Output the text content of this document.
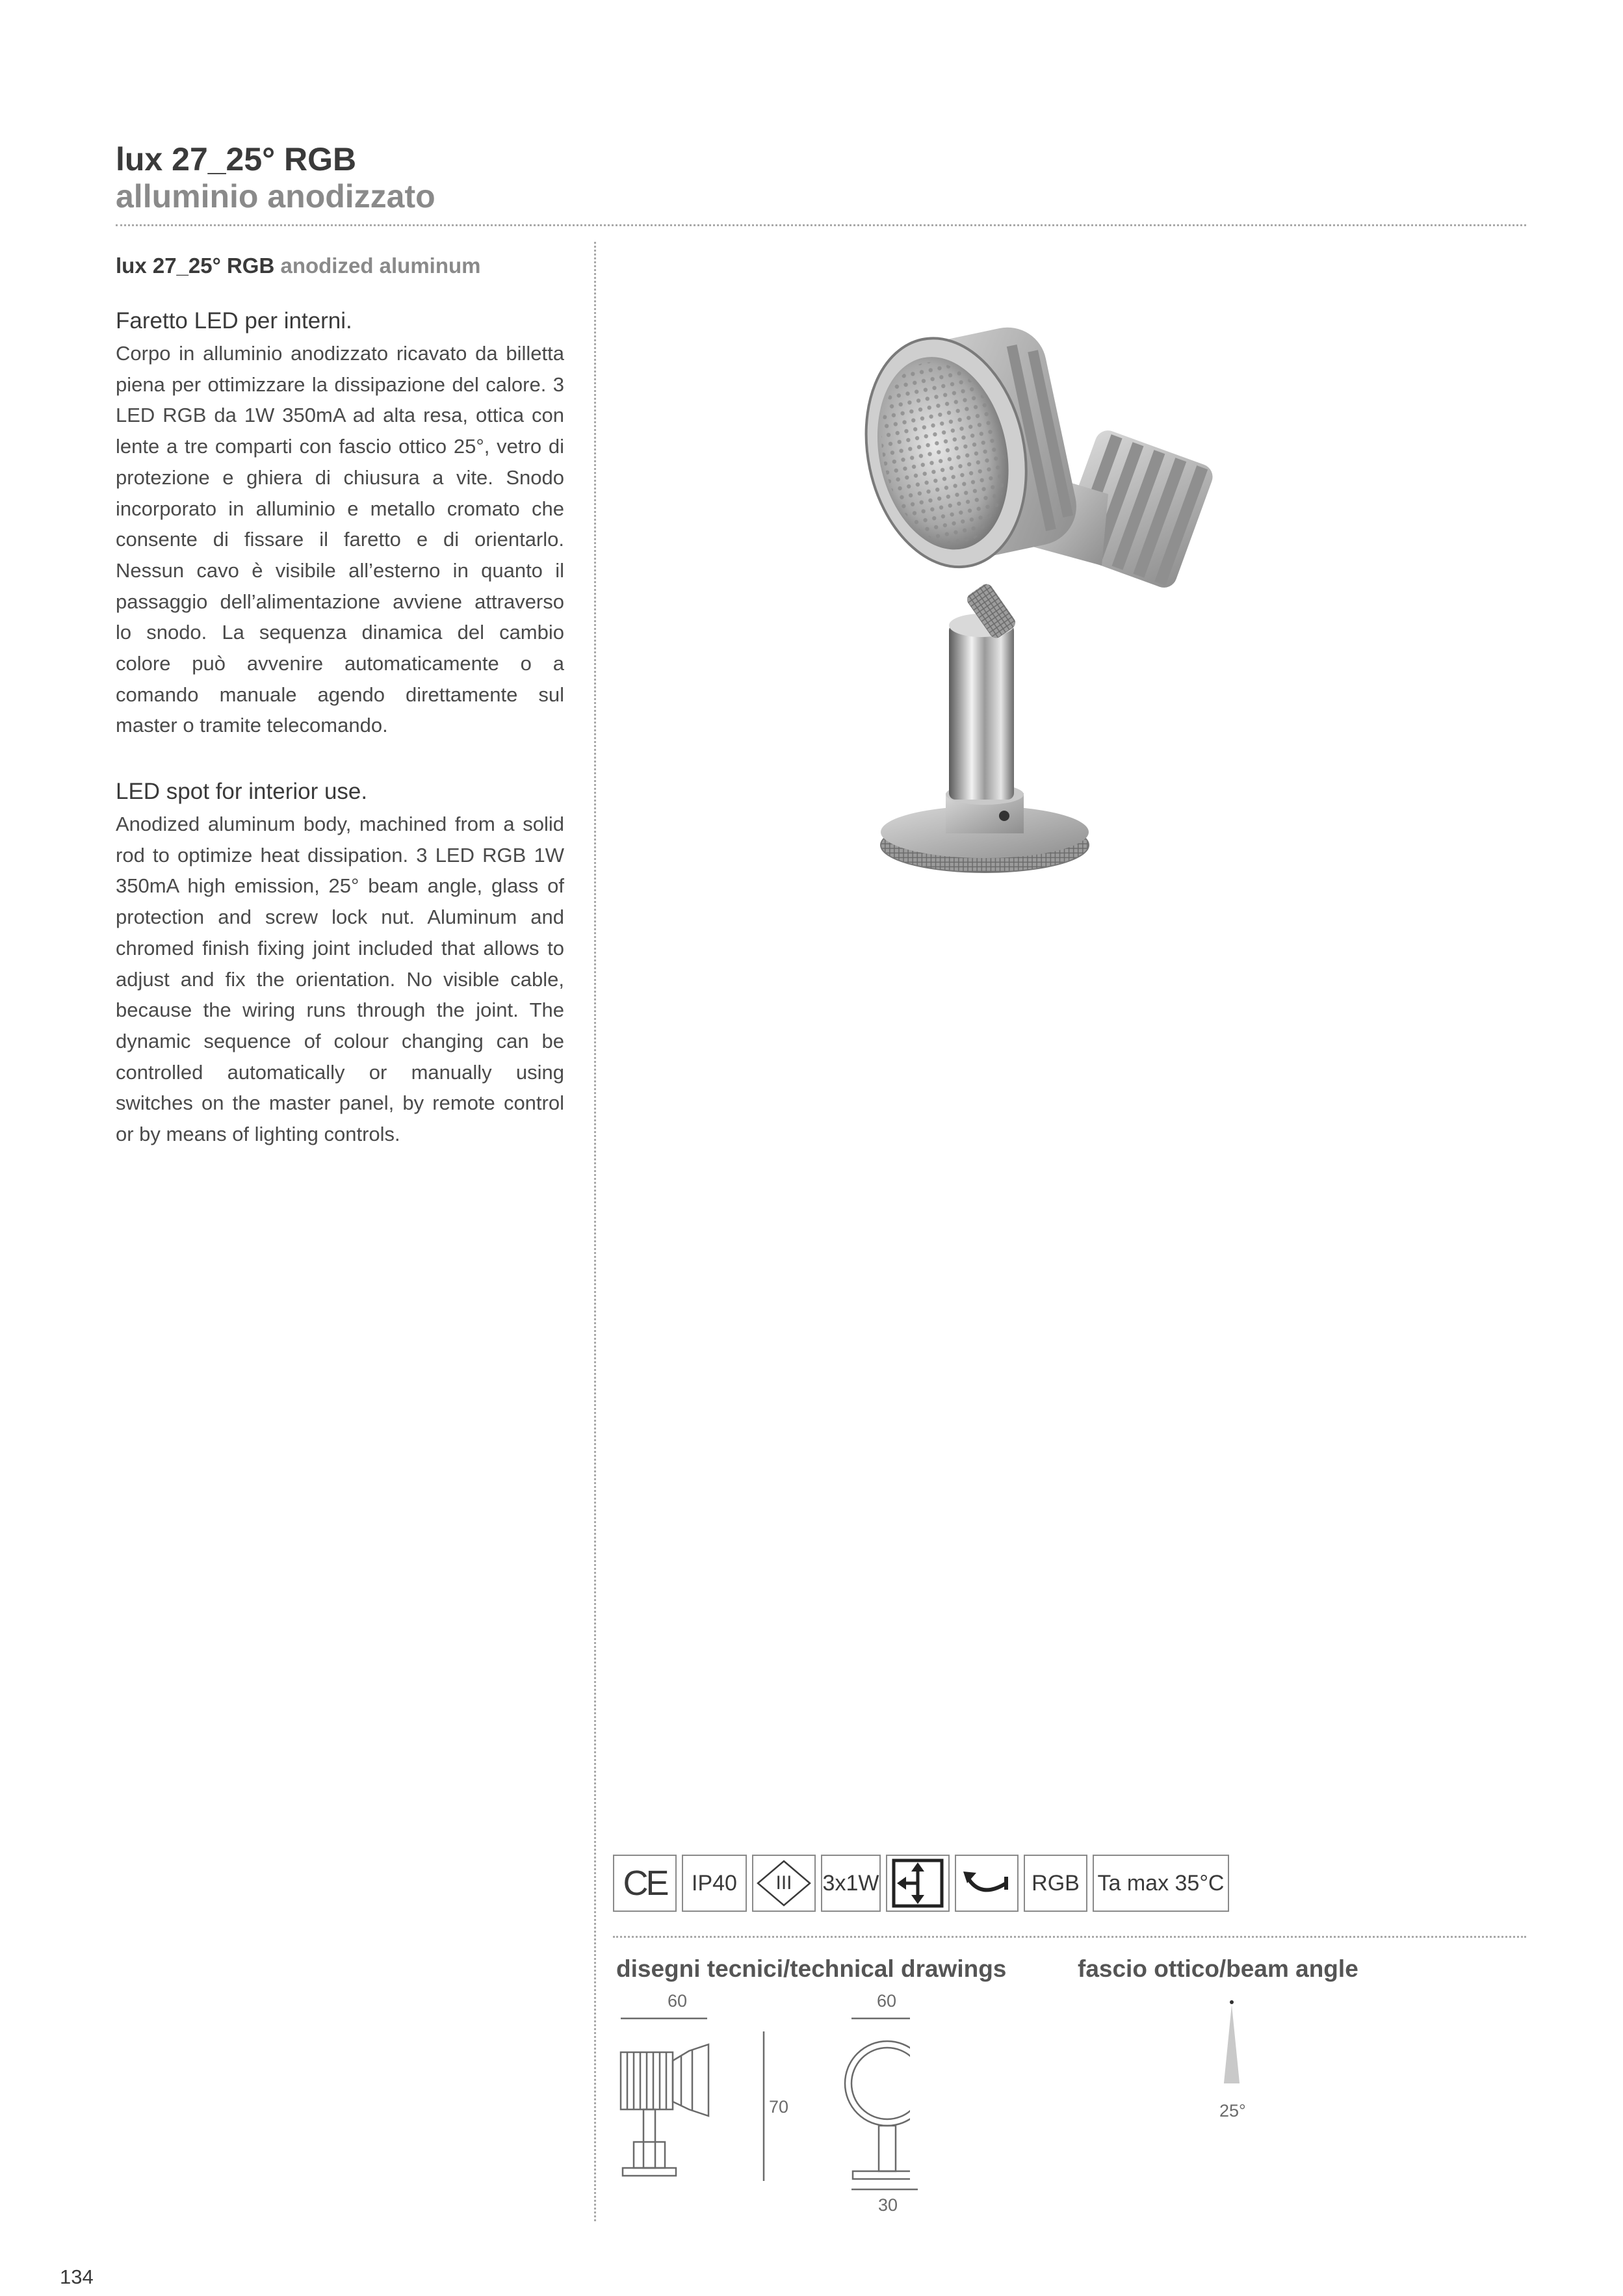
lux 27_25° RGB
alluminio anodizzato
lux 27_25° RGB anodized aluminum
Faretto LED per interni.

Corpo in alluminio anodizzato ricavato da billetta piena per ottimizzare la dissipazione del calore. 3 LED RGB da 1W 350mA ad alta resa, ottica con lente a tre comparti con fascio ottico 25°, vetro di protezione e ghiera di chiusura a vite. Snodo incorporato in alluminio e metallo cromato che consente di fissare il faretto e di orientarlo. Nessun cavo è visibile all’esterno in quanto il passaggio dell’alimentazione avviene attraverso lo snodo. La sequenza dinamica del cambio colore può avvenire automaticamente o a comando manuale agendo direttamente sul master o tramite telecomando.

LED spot for interior use.

Anodized aluminum body, machined from a solid rod to optimize heat dissipation. 3 LED RGB 1W 350mA high emission, 25° beam angle, glass of protection and screw lock nut. Aluminum and chromed finish fixing joint included that allows to adjust and fix the orientation. No visible cable, because the wiring runs through the joint. The dynamic sequence of colour changing can be controlled automatically or manually using switches on the master panel, by remote control or by means of lighting controls.

CE IP40 III 3x1W	RGB Ta max 35°C
disegni tecnici/technical drawings	fascio ottico/beam angle
60	60
70
30
25°
134
